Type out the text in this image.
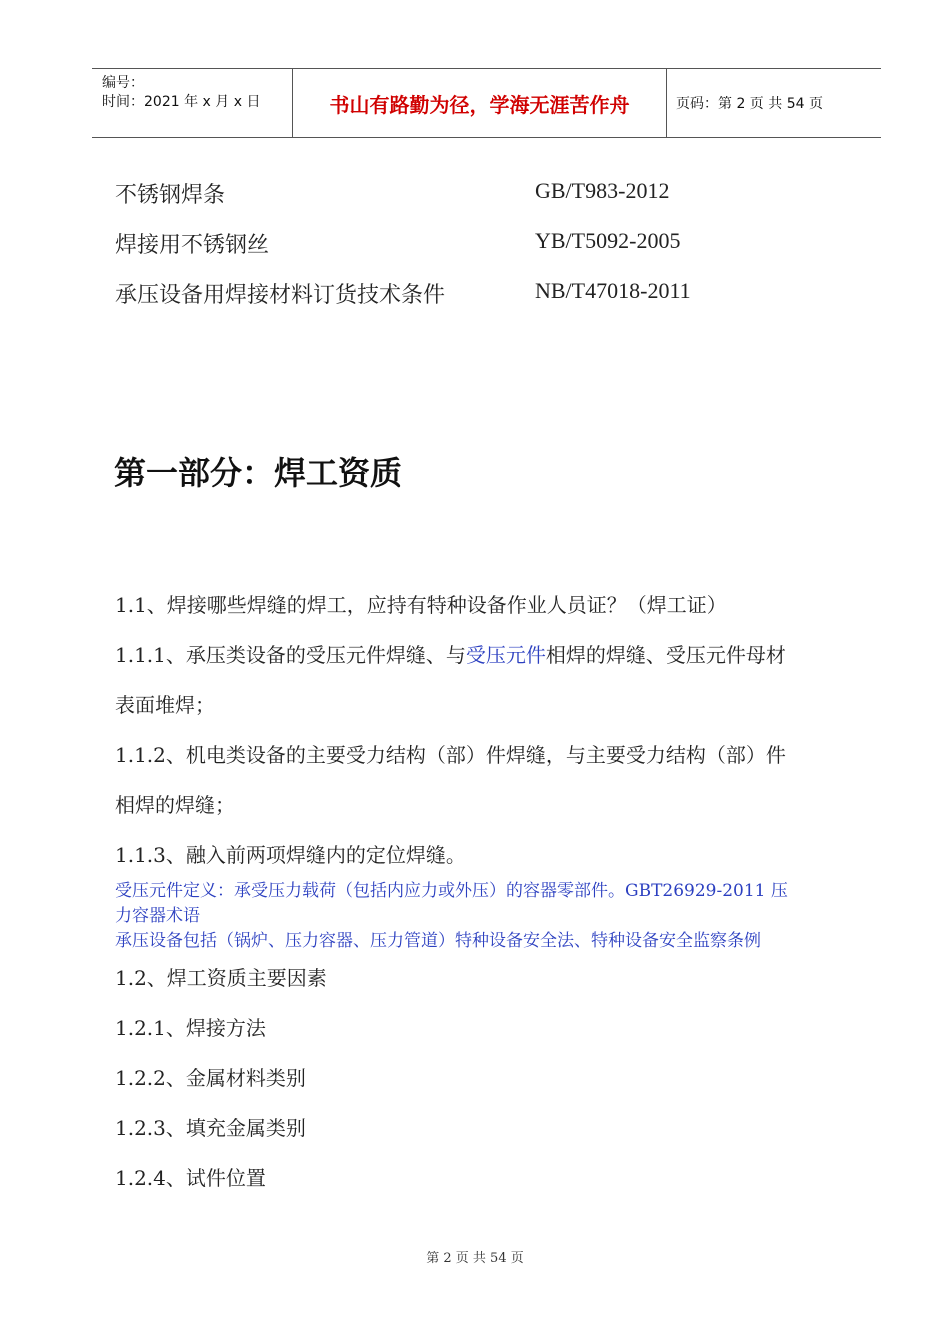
编号：
时间：2021 年 x 月 x 日	书山有路勤为径，学海无涯苦作舟	页码：第 2 页 共 54 页
不锈钢焊条	GB/T983-2012
焊接用不锈钢丝	YB/T5092-2005
承压设备用焊接材料订货技术条件	NB/T47018-2011
第一部分：焊工资质
1.1、焊接哪些焊缝的焊工，应持有特种设备作业人员证？（焊工证）
1.1.1、承压类设备的受压元件焊缝、与受压元件相焊的焊缝、受压元件母材
表面堆焊；
1.1.2、机电类设备的主要受力结构（部）件焊缝，与主要受力结构（部）件
相焊的焊缝；
1.1.3、融入前两项焊缝内的定位焊缝。
受压元件定义：承受压力载荷（包括内应力或外压）的容器零部件。GBT26929-2011 压
力容器术语
承压设备包括（锅炉、压力容器、压力管道）特种设备安全法、特种设备安全监察条例
1.2、焊工资质主要因素
1.2.1、焊接方法
1.2.2、金属材料类别
1.2.3、填充金属类别
1.2.4、试件位置
第 2 页 共 54 页
